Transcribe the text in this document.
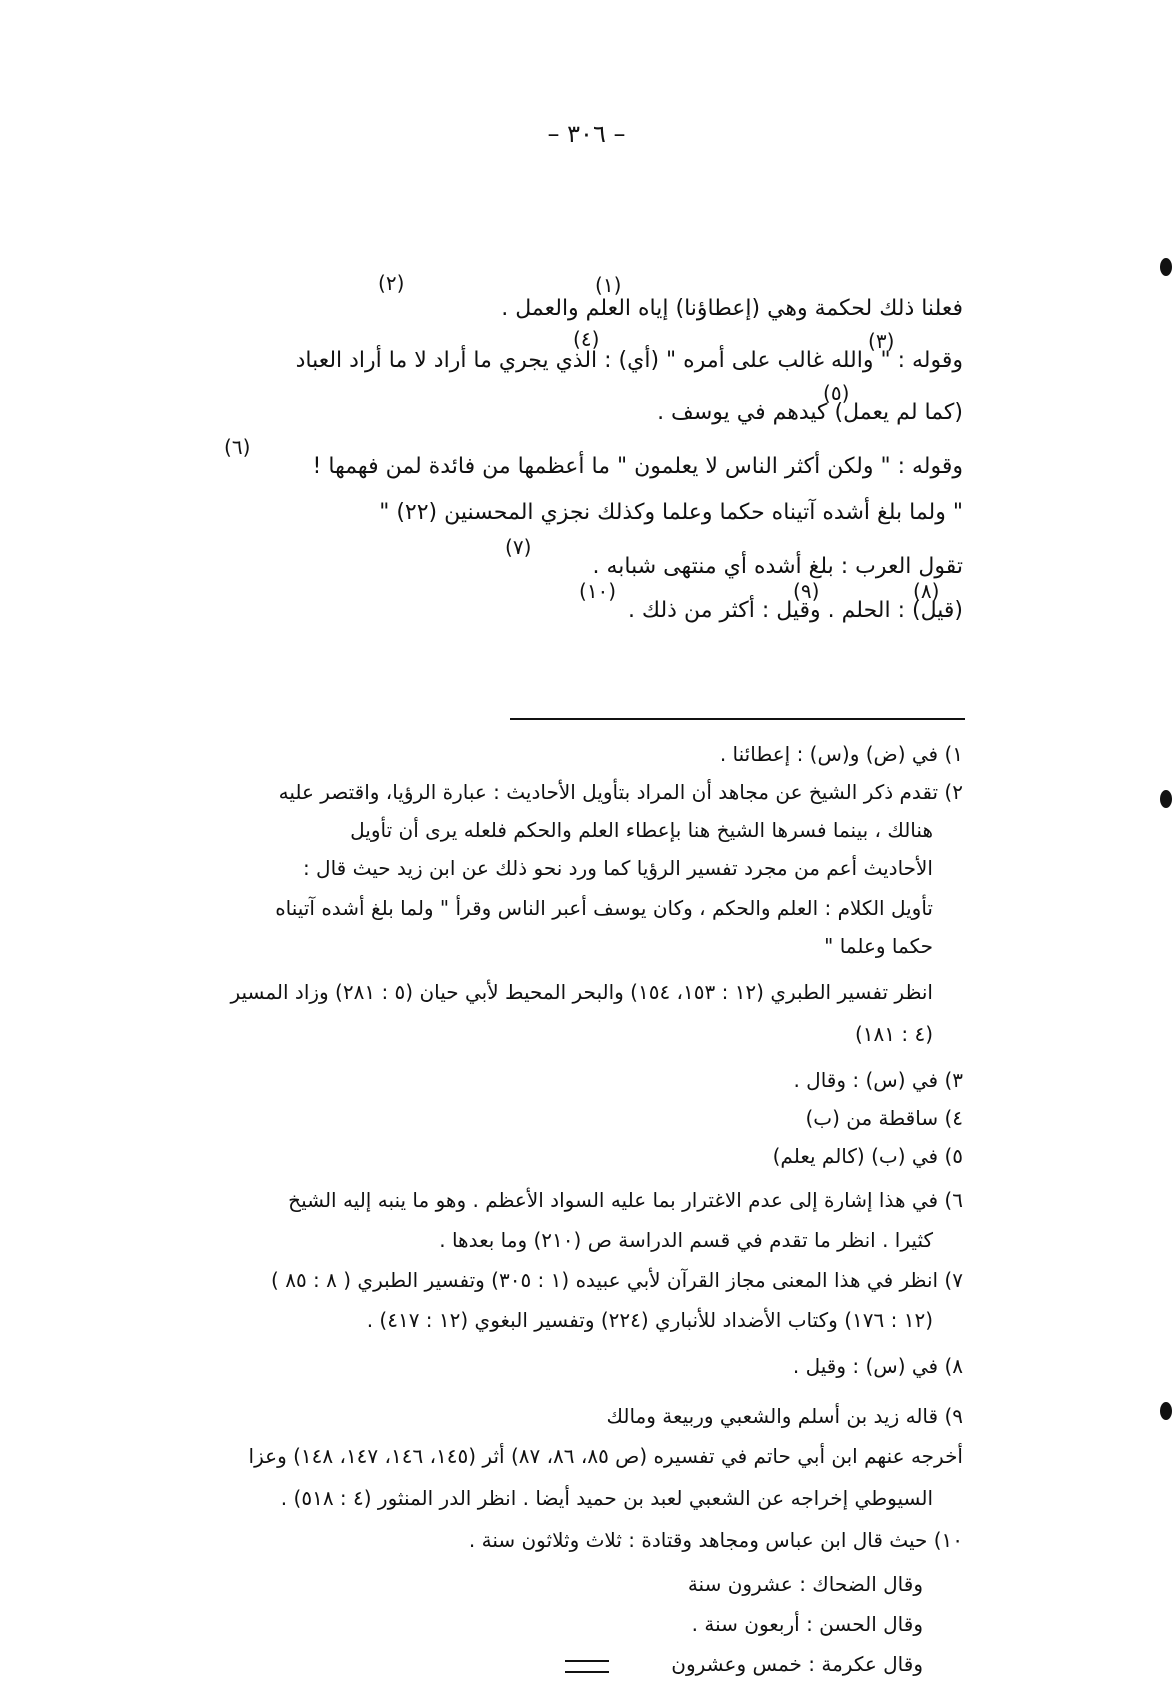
– ٣٠٦ –
(٢)	(١)
(٤)	(٣)
(٥)
(٦)
(٧)
(١٠)	(٩)	(٨)
فعلنا ذلك لحكمة وهي (إعطاؤنا) إياه العلم والعمل .
وقوله : " والله غالب على أمره " (أي) : الذي يجري ما أراد لا ما أراد العباد
(كما لم يعمل) كيدهم في يوسف .
وقوله : " ولكن أكثر الناس لا يعلمون " ما أعظمها من فائدة لمن فهمها !
" ولما بلغ أشده آتيناه حكما وعلما وكذلك نجزي المحسنين (٢٢) "
تقول العرب : بلغ أشده أي منتهى شبابه .
(قيل) : الحلم . وقيل : أكثر من ذلك .
١) في (ض) و(س) : إعطائنا .
٢) تقدم ذكر الشيخ عن مجاهد أن المراد بتأويل الأحاديث : عبارة الرؤيا، واقتصر عليه
هنالك ، بينما فسرها الشيخ هنا بإعطاء العلم والحكم فلعله يرى أن تأويل
الأحاديث أعم من مجرد تفسير الرؤيا كما ورد نحو ذلك عن ابن زيد حيث قال :
تأويل الكلام : العلم والحكم ، وكان يوسف أعبر الناس وقرأ " ولما بلغ أشده آتيناه
حكما وعلما "
انظر تفسير الطبري (١٢ : ١٥٣، ١٥٤) والبحر المحيط لأبي حيان (٥ : ٢٨١) وزاد المسير
(٤ : ١٨١)
٣) في (س) : وقال .
٤) ساقطة من (ب)
٥) في (ب) (كالم يعلم)
٦) في هذا إشارة إلى عدم الاغترار بما عليه السواد الأعظم . وهو ما ينبه إليه الشيخ
كثيرا . انظر ما تقدم في قسم الدراسة ص (٢١٠) وما بعدها .
٧) انظر في هذا المعنى مجاز القرآن لأبي عبيده (١ : ٣٠٥) وتفسير الطبري ( ٨ : ٨٥ )
(١٢ : ١٧٦) وكتاب الأضداد للأنباري (٢٢٤) وتفسير البغوي (١٢ : ٤١٧) .
٨) في (س) : وقيل .
٩) قاله زيد بن أسلم والشعبي وربيعة ومالك
أخرجه عنهم ابن أبي حاتم في تفسيره (ص ٨٥، ٨٦، ٨٧) أثر (١٤٥، ١٤٦، ١٤٧، ١٤٨) وعزا
السيوطي إخراجه عن الشعبي لعبد بن حميد أيضا . انظر الدر المنثور (٤ : ٥١٨) .
١٠) حيث قال ابن عباس ومجاهد وقتادة : ثلاث وثلاثون سنة .
وقال الضحاك : عشرون سنة
وقال الحسن : أربعون سنة .
وقال عكرمة : خمس وعشرون
